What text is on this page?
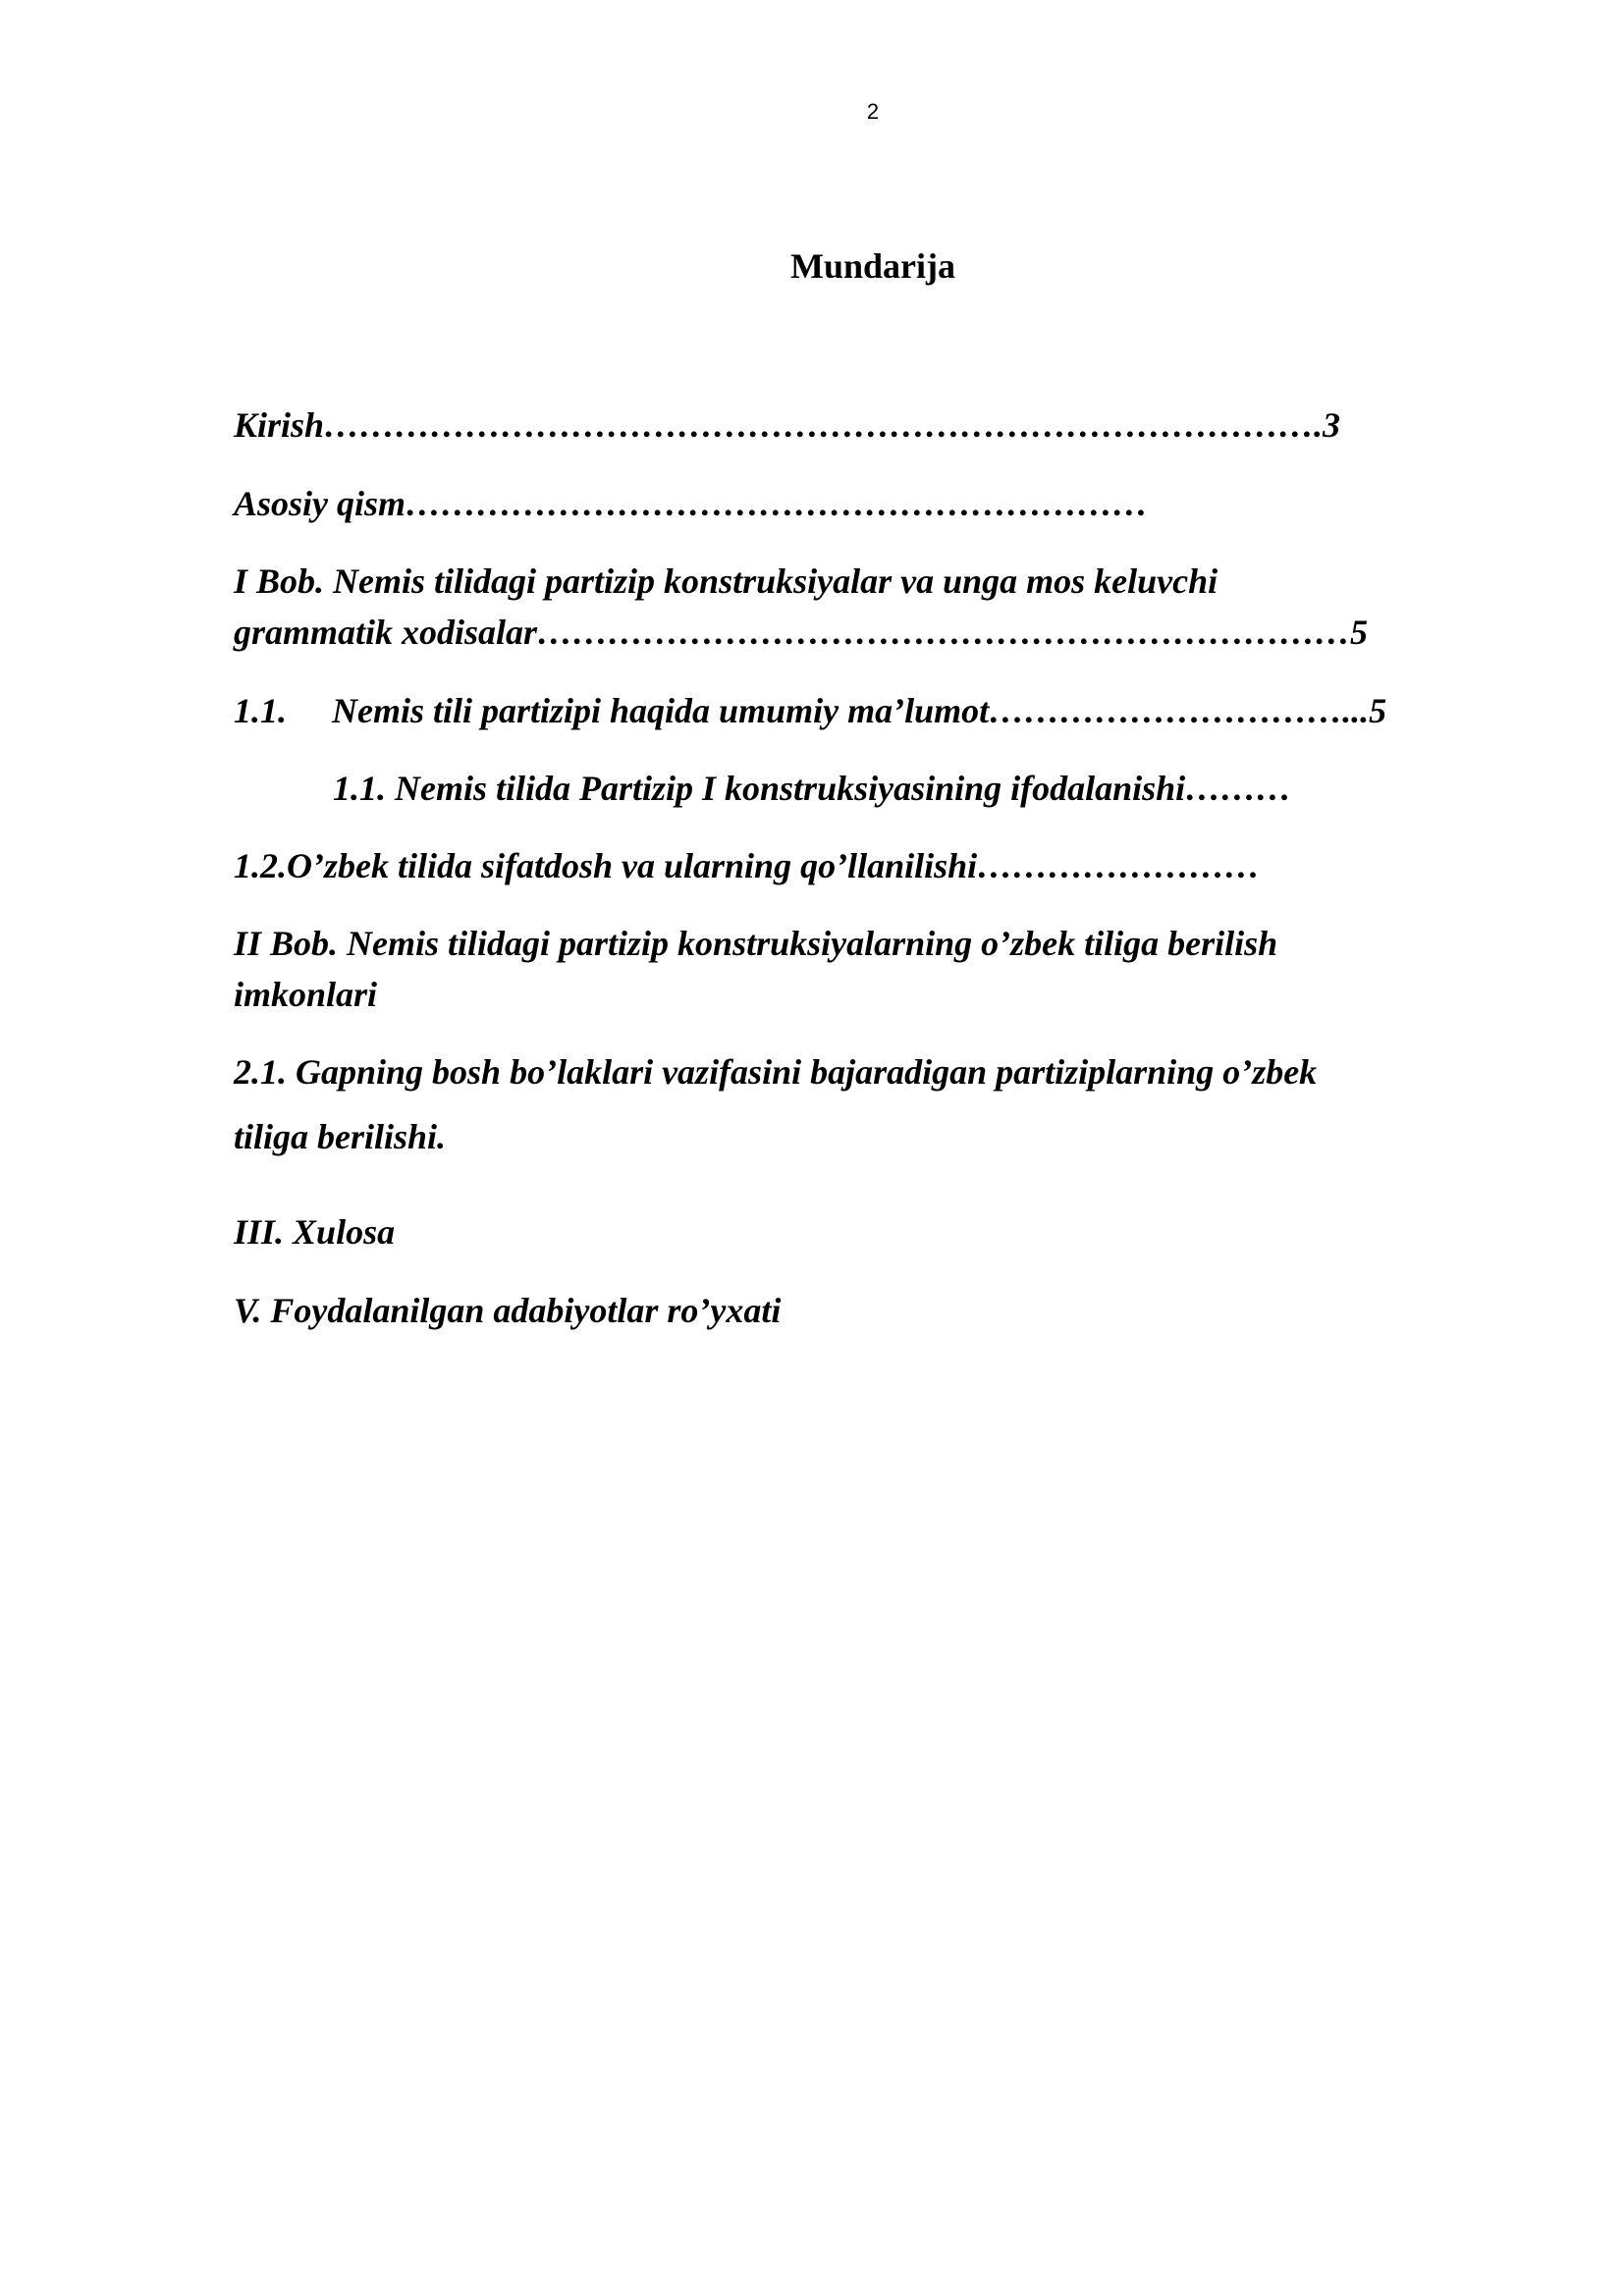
2
Mundarija
Kirish………………………………………………………………………….3
Asosiy qism………………………………………………………
I Bob. Nemis tilidagi partizip konstruksiyalar va unga mos keluvchi
grammatik xodisalar……………………………………………………………5
1.1. Nemis tili partizipi haqida umumiy ma’lumot…………………………...5
1.1. Nemis tilida Partizip I konstruksiyasining ifodalanishi………
1.2.O’zbek tilida sifatdosh va ularning qo’llanilishi……………………
II Bob. Nemis tilidagi partizip konstruksiyalarning o’zbek tiliga berilish
imkonlari
2.1. Gapning bosh bo’laklari vazifasini bajaradigan partiziplarning o’zbek
tiliga berilishi.
III. Xulosa
V. Foydalanilgan adabiyotlar ro’yxati
